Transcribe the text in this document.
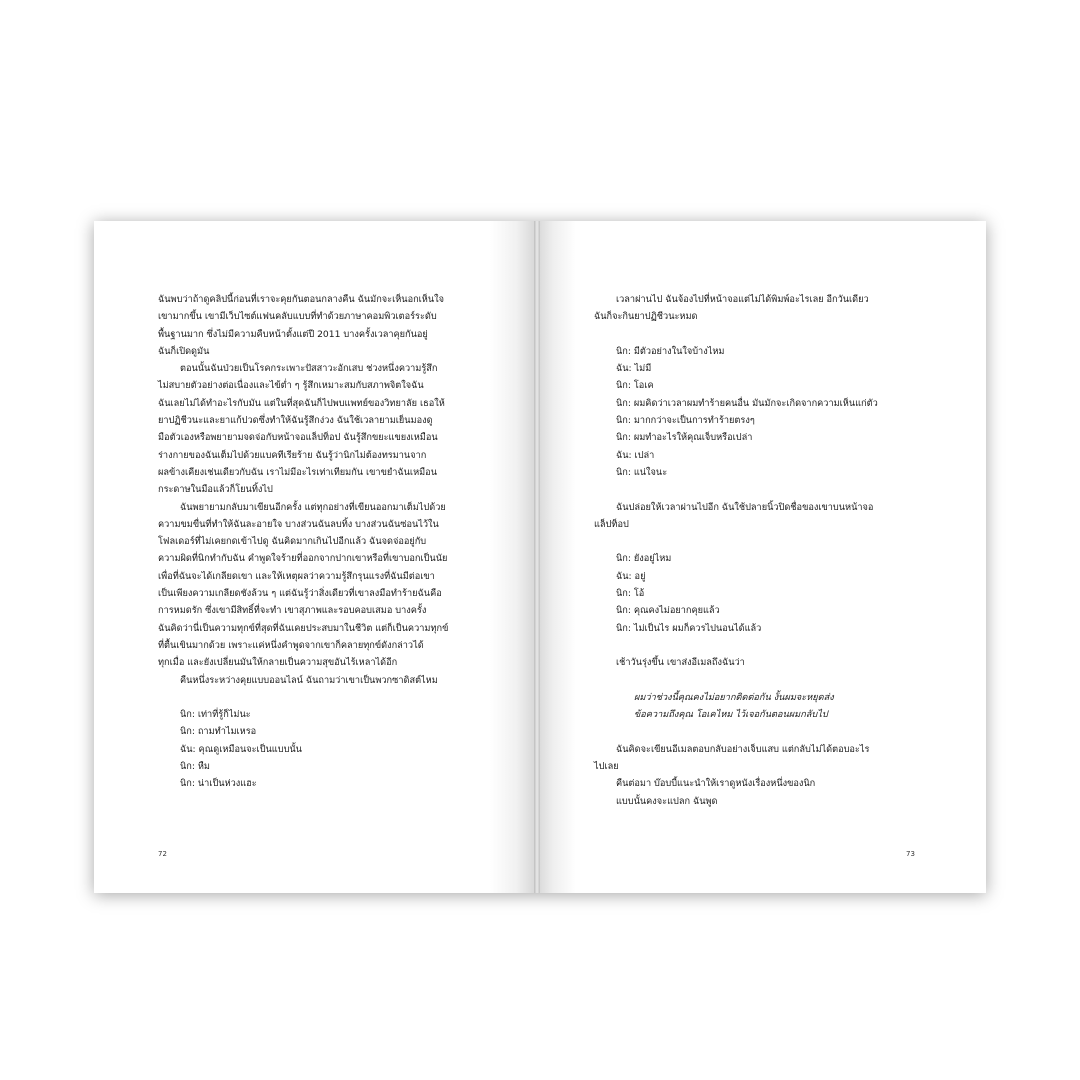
ฉันพบว่าถ้าดูคลิปนี้ก่อนที่เราจะคุยกันตอนกลางคืน ฉันมักจะเห็นอกเห็นใจ
เขามากขึ้น เขามีเว็บไซต์แฟนคลับแบบที่ทำด้วยภาษาคอมพิวเตอร์ระดับ
พื้นฐานมาก ซึ่งไม่มีความคืบหน้าตั้งแต่ปี 2011 บางครั้งเวลาคุยกันอยู่
ฉันก็เปิดดูมัน
ตอนนั้นฉันป่วยเป็นโรคกระเพาะปัสสาวะอักเสบ ช่วงหนึ่งความรู้สึก
ไม่สบายตัวอย่างต่อเนื่องและไข้ต่ำ ๆ รู้สึกเหมาะสมกับสภาพจิตใจฉัน
ฉันเลยไม่ได้ทำอะไรกับมัน แต่ในที่สุดฉันก็ไปพบแพทย์ของวิทยาลัย เธอให้
ยาปฏิชีวนะและยาแก้ปวดซึ่งทำให้ฉันรู้สึกง่วง ฉันใช้เวลายามเย็นมองดู
มือตัวเองหรือพยายามจดจ่อกับหน้าจอแล็ปท็อป ฉันรู้สึกขยะแขยงเหมือน
ร่างกายของฉันเต็มไปด้วยแบคทีเรียร้าย ฉันรู้ว่านิกไม่ต้องทรมานจาก
ผลข้างเคียงเช่นเดียวกับฉัน เราไม่มีอะไรเท่าเทียมกัน เขาขยำฉันเหมือน
กระดาษในมือแล้วก็โยนทิ้งไป
ฉันพยายามกลับมาเขียนอีกครั้ง แต่ทุกอย่างที่เขียนออกมาเต็มไปด้วย
ความขมขื่นที่ทำให้ฉันละอายใจ บางส่วนฉันลบทิ้ง บางส่วนฉันซ่อนไว้ใน
โฟลเดอร์ที่ไม่เคยกดเข้าไปดู ฉันคิดมากเกินไปอีกแล้ว ฉันจดจ่ออยู่กับ
ความผิดที่นิกทำกับฉัน คำพูดใจร้ายที่ออกจากปากเขาหรือที่เขาบอกเป็นนัย
เพื่อที่ฉันจะได้เกลียดเขา และให้เหตุผลว่าความรู้สึกรุนแรงที่ฉันมีต่อเขา
เป็นเพียงความเกลียดชังล้วน ๆ แต่ฉันรู้ว่าสิ่งเดียวที่เขาลงมือทำร้ายฉันคือ
การหมดรัก ซึ่งเขามีสิทธิ์ที่จะทำ เขาสุภาพและรอบคอบเสมอ บางครั้ง
ฉันคิดว่านี่เป็นความทุกข์ที่สุดที่ฉันเคยประสบมาในชีวิต แต่ก็เป็นความทุกข์
ที่ตื้นเขินมากด้วย เพราะแค่หนึ่งคำพูดจากเขาก็คลายทุกข์ดังกล่าวได้
ทุกเมื่อ และยังเปลี่ยนมันให้กลายเป็นความสุขอันไร้เหลาได้อีก
คืนหนึ่งระหว่างคุยแบบออนไลน์ ฉันถามว่าเขาเป็นพวกซาดิสต์ไหม
นิก: เท่าที่รู้ก็ไม่นะ
นิก: ถามทำไมเหรอ
ฉัน: คุณดูเหมือนจะเป็นแบบนั้น
นิก: หืม
นิก: น่าเป็นห่วงแฮะ
72
เวลาผ่านไป ฉันจ้องไปที่หน้าจอแต่ไม่ได้พิมพ์อะไรเลย อีกวันเดียว
ฉันก็จะกินยาปฏิชีวนะหมด
นิก: มีตัวอย่างในใจบ้างไหม
ฉัน: ไม่มี
นิก: โอเค
นิก: ผมคิดว่าเวลาผมทำร้ายคนอื่น มันมักจะเกิดจากความเห็นแก่ตัว
นิก: มากกว่าจะเป็นการทำร้ายตรงๆ
นิก: ผมทำอะไรให้คุณเจ็บหรือเปล่า
ฉัน: เปล่า
นิก: แน่ใจนะ
ฉันปล่อยให้เวลาผ่านไปอีก ฉันใช้ปลายนิ้วปิดชื่อของเขาบนหน้าจอ
แล็ปท็อป
นิก: ยังอยู่ไหม
ฉัน: อยู่
นิก: โอ้
นิก: คุณคงไม่อยากคุยแล้ว
นิก: ไม่เป็นไร ผมก็ควรไปนอนได้แล้ว
เช้าวันรุ่งขึ้น เขาส่งอีเมลถึงฉันว่า
ผมว่าช่วงนี้คุณคงไม่อยากติดต่อกัน งั้นผมจะหยุดส่ง
ข้อความถึงคุณ โอเคไหม ไว้เจอกันตอนผมกลับไป
ฉันคิดจะเขียนอีเมลตอบกลับอย่างเจ็บแสบ แต่กลับไม่ได้ตอบอะไร
ไปเลย
คืนต่อมา บ๊อบบี้แนะนำให้เราดูหนังเรื่องหนึ่งของนิก
แบบนั้นคงจะแปลก ฉันพูด
73
